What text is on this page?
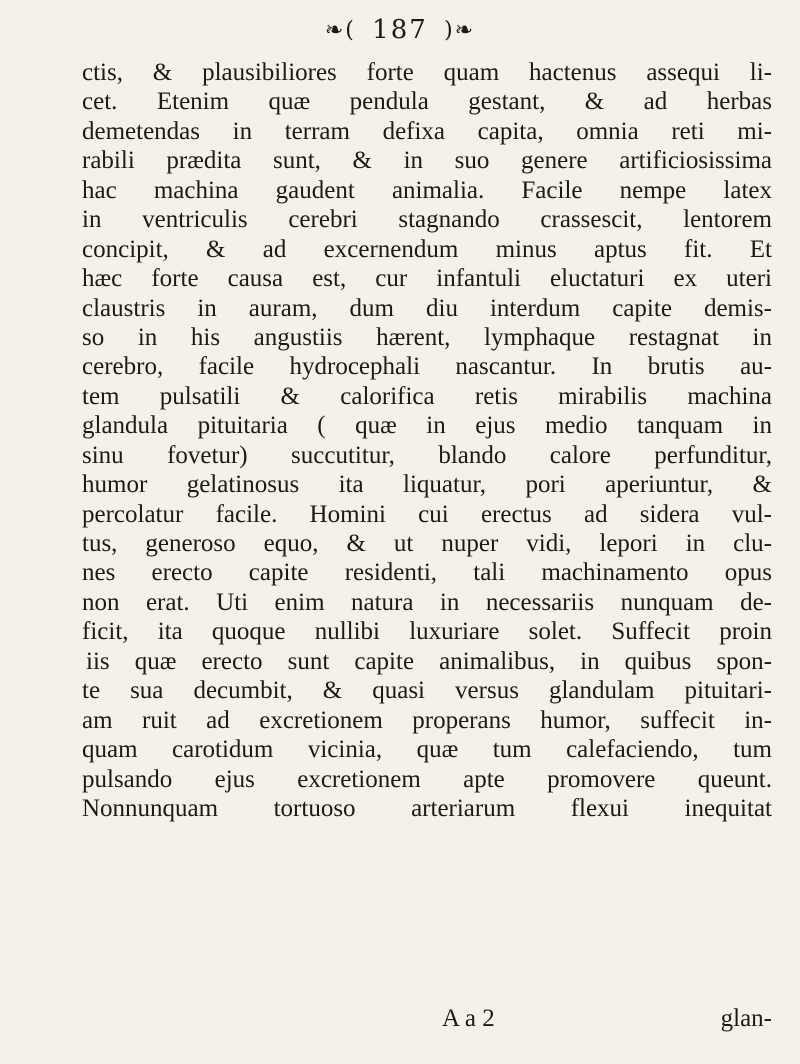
❧( 187 )❧
ctis, & plausibiliores forte quam hactenus assequi li-
cet. Etenim quæ pendula gestant, & ad herbas
demetendas in terram defixa capita, omnia reti mi-
rabili prædita sunt, & in suo genere artificiosissima
hac machina gaudent animalia. Facile nempe latex
in ventriculis cerebri stagnando crassescit, lentorem
concipit, & ad excernendum minus aptus fit. Et
hæc forte causa est, cur infantuli eluctaturi ex uteri
claustris in auram, dum diu interdum capite demis-
so in his angustiis hærent, lymphaque restagnat in
cerebro, facile hydrocephali nascantur. In brutis au-
tem pulsatili & calorifica retis mirabilis machina
glandula pituitaria ( quæ in ejus medio tanquam in
sinu fovetur) succutitur, blando calore perfunditur,
humor gelatinosus ita liquatur, pori aperiuntur, &
percolatur facile. Homini cui erectus ad sidera vul-
tus, generoso equo, & ut nuper vidi, lepori in clu-
nes erecto capite residenti, tali machinamento opus
non erat. Uti enim natura in necessariis nunquam de-
ficit, ita quoque nullibi luxuriare solet. Suffecit proin
iis quæ erecto sunt capite animalibus, in quibus spon-
te sua decumbit, & quasi versus glandulam pituitari-
am ruit ad excretionem properans humor, suffecit in-
quam carotidum vicinia, quæ tum calefaciendo, tum
pulsando ejus excretionem apte promovere queunt.
Nonnunquam tortuoso arteriarum flexui inequitat
A a 2	glan-
